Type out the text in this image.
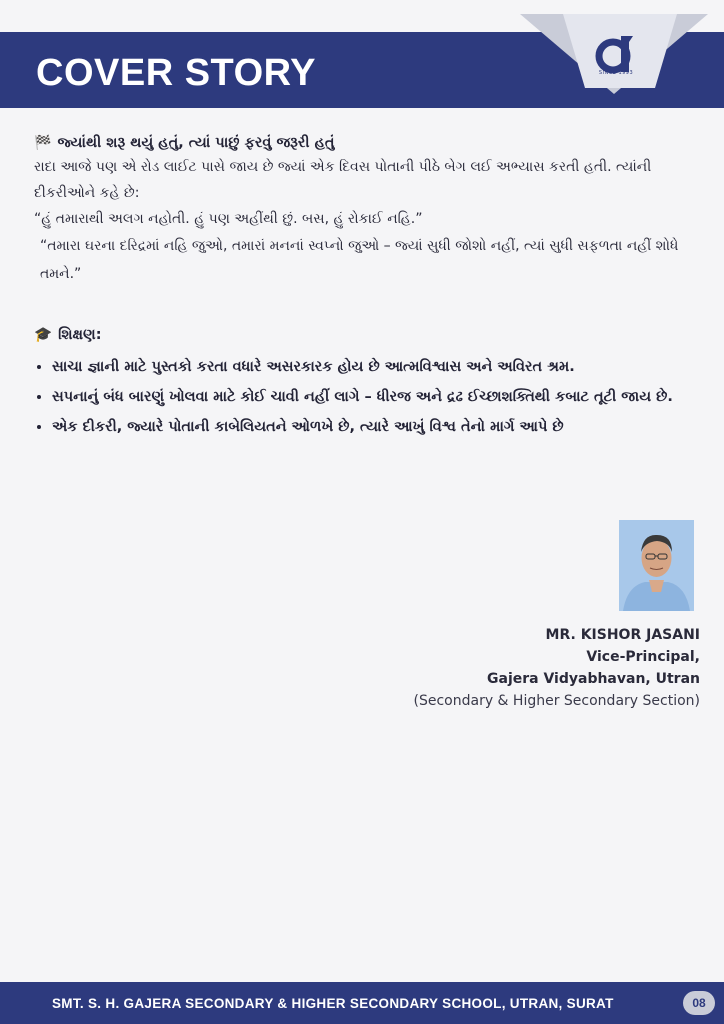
COVER STORY	SINCE 1993
🏁 જ્યાંથી શરૂ થયું હતું, ત્યાં પાછું ફરવું જરૂરી હતું
રાદા આજે પણ એ રોડ લાઈટ પાસે જાય છે જ્યાં એક દિવસ પોતાની પીઠે બેગ લઈ અભ્યાસ કરતી હતી. ત્યાંની દીકરીઓને કહે છે:
“હું તમારાથી અલગ નહોતી. હું પણ અહીંથી છું. બસ, હું રોકાઈ નહિ.”
“તમારા ઘરના દરિદ્રમાં નહિ જુઓ, તમારાં મનનાં સ્વપ્નો જુઓ – જ્યાં સુધી જોશો નહીં, ત્યાં સુધી સફળતા નહીં શોધે તમને.”
🎓 શિક્ષણ:
• સાચા જ્ઞાની માટે પુસ્તકો કરતા વધારે અસરકારક હોય છે આત્મવિશ્વાસ અને અવિરત શ્રમ.
• સપનાનું બંધ બારણું ખોલવા માટે કોઈ ચાવી નહીં લાગે – ધીરજ અને દ્રઢ ઈચ્છાશક્તિથી કબાટ તૂટી જાય છે.
• એક દીકરી, જ્યારે પોતાની કાબેલિયતને ઓળખે છે, ત્યારે આખું વિશ્વ તેનો માર્ગ આપે છે
MR. KISHOR JASANI
Vice-Principal,
Gajera Vidyabhavan, Utran
(Secondary & Higher Secondary Section)
SMT. S. H. GAJERA SECONDARY & HIGHER SECONDARY SCHOOL, UTRAN, SURAT	08
